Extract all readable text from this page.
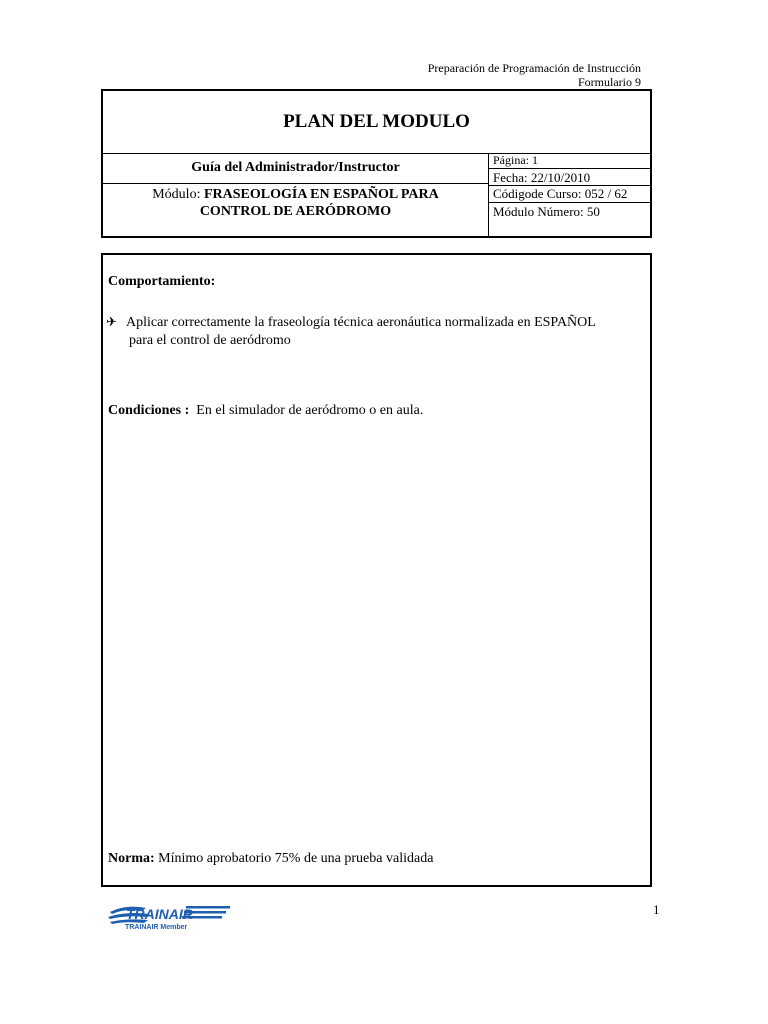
Preparación de Programación de Instrucción
Formulario 9
PLAN DEL MODULO
Guía del Administrador/Instructor
Módulo: FRASEOLOGÍA EN ESPAÑOL PARA
CONTROL DE AERÓDROMO
Página: 1
Fecha: 22/10/2010
Códigode Curso: 052 / 62
Módulo Número: 50
Comportamiento:
✈ Aplicar correctamente la fraseología técnica aeronáutica normalizada en ESPAÑOL
para el control de aeródromo
Condiciones :  En el simulador de aeródromo o en aula.
Norma: Mínimo aprobatorio 75% de una prueba validada
TRAINAIR
TRAINAIR Member
1
